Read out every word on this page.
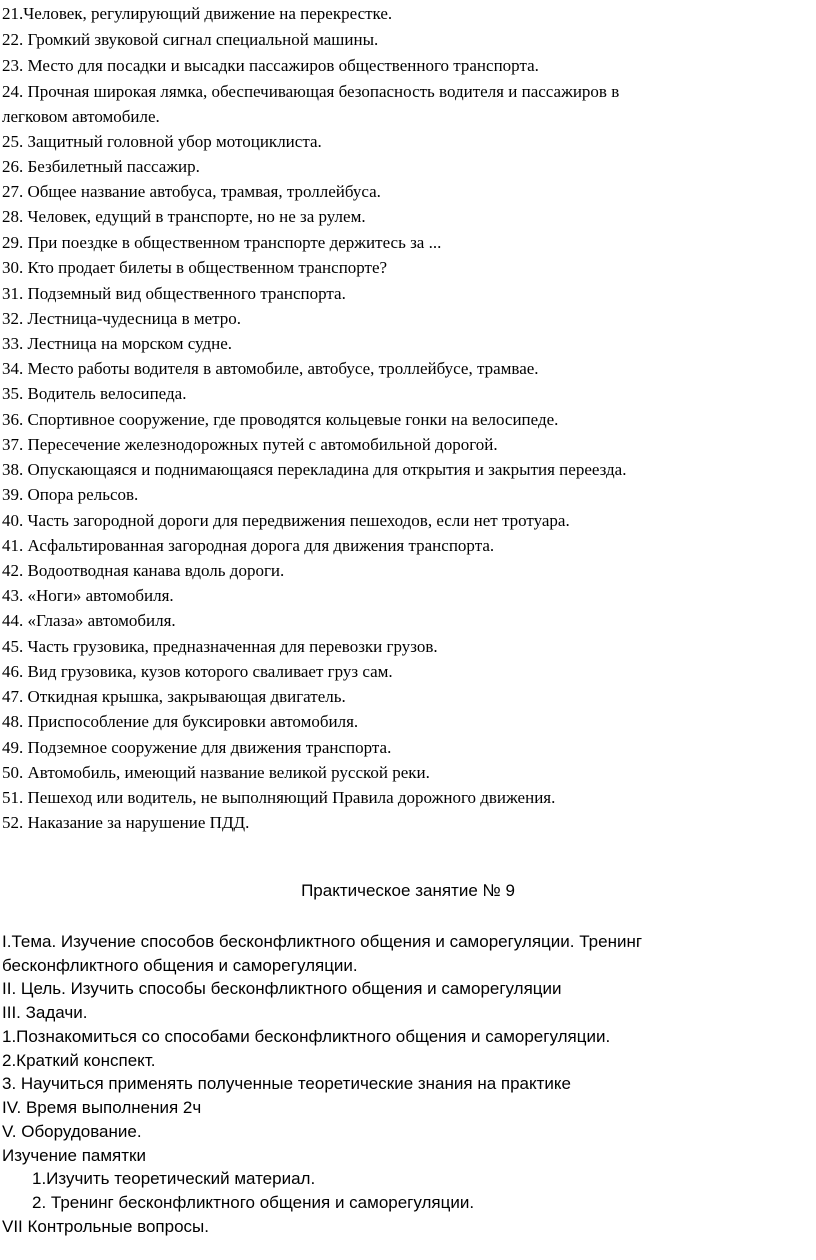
21.Человек, регулирующий движение на перекрестке.
22. Громкий звуковой сигнал специальной машины.
23. Место для посадки и высадки пассажиров общественного транспорта.
24. Прочная широкая лямка, обеспечивающая безопасность водителя и пассажиров в
легковом автомобиле.
25. Защитный головной убор мотоциклиста.
26. Безбилетный пассажир.
27. Общее название автобуса, трамвая, троллейбуса.
28. Человек, едущий в транспорте, но не за рулем.
29. При поездке в общественном транспорте держитесь за ...
30. Кто продает билеты в общественном транспорте?
31. Подземный вид общественного транспорта.
32. Лестница-чудесница в метро.
33. Лестница на морском судне.
34. Место работы водителя в автомобиле, автобусе, троллейбусе, трамвае.
35. Водитель велосипеда.
36. Спортивное сооружение, где проводятся кольцевые гонки на велосипеде.
37. Пересечение железнодорожных путей с автомобильной дорогой.
38. Опускающаяся и поднимающаяся перекладина для открытия и закрытия переезда.
39. Опора рельсов.
40. Часть загородной дороги для передвижения пешеходов, если нет тротуара.
41. Асфальтированная загородная дорога для движения транспорта.
42. Водоотводная канава вдоль дороги.
43. «Ноги» автомобиля.
44. «Глаза» автомобиля.
45. Часть грузовика, предназначенная для перевозки грузов.
46. Вид грузовика, кузов которого сваливает груз сам.
47. Откидная крышка, закрывающая двигатель.
48. Приспособление для буксировки автомобиля.
49. Подземное сооружение для движения транспорта.
50. Автомобиль, имеющий название великой русской реки.
51. Пешеход или водитель, не выполняющий Правила дорожного движения.
52. Наказание за нарушение ПДД.
Практическое занятие № 9
I.Тема. Изучение способов бесконфликтного общения и саморегуляции. Тренинг
бесконфликтного общения и саморегуляции.
II. Цель. Изучить способы бесконфликтного общения и саморегуляции
III. Задачи.
1.Познакомиться со способами бесконфликтного общения и саморегуляции.
2.Краткий конспект.
3. Научиться применять полученные теоретические знания на практике
IV. Время выполнения 2ч
V. Оборудование.
Изучение памятки
1.Изучить теоретический материал.
2. Тренинг бесконфликтного общения и саморегуляции.
VII Контрольные вопросы.
